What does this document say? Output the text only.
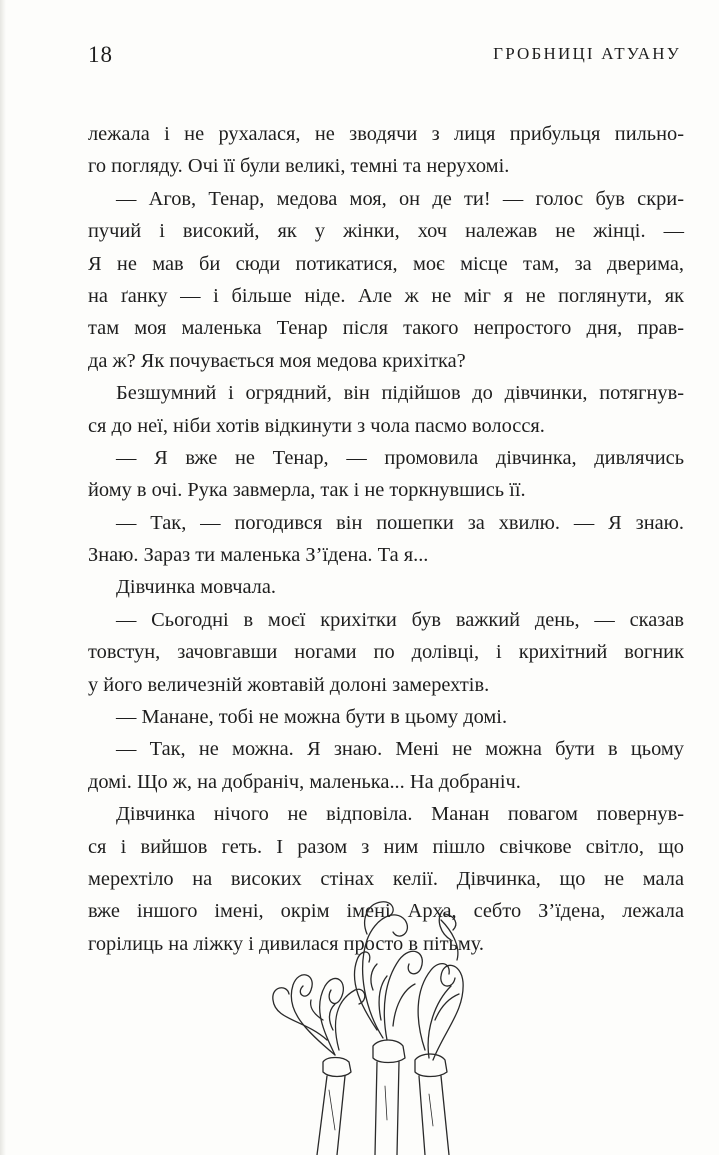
18	ГРОБНИЦІ АТУАНУ
лежала і не рухалася, не зводячи з лиця прибульця пильно-
го погляду. Очі її були великі, темні та нерухомі.
— Агов, Тенар, медова моя, он де ти! — голос був скри-
пучий і високий, як у жінки, хоч належав не жінці. —
Я не мав би сюди потикатися, моє місце там, за дверима,
на ґанку — і більше ніде. Але ж не міг я не поглянути, як
там моя маленька Тенар після такого непростого дня, прав-
да ж? Як почувається моя медова крихітка?
Безшумний і огрядний, він підійшов до дівчинки, потягнув-
ся до неї, ніби хотів відкинути з чола пасмо волосся.
— Я вже не Тенар, — промовила дівчинка, дивлячись
йому в очі. Рука завмерла, так і не торкнувшись її.
— Так, — погодився він пошепки за хвилю. — Я знаю.
Знаю. Зараз ти маленька З’їдена. Та я...
Дівчинка мовчала.
— Сьогодні в моєї крихітки був важкий день, — сказав
товстун, зачовгавши ногами по долівці, і крихітний вогник
у його величезній жовтавій долоні замерехтів.
— Манане, тобі не можна бути в цьому домі.
— Так, не можна. Я знаю. Мені не можна бути в цьому
домі. Що ж, на добраніч, маленька... На добраніч.
Дівчинка нічого не відповіла. Манан повагом повернув-
ся і вийшов геть. І разом з ним пішло свічкове світло, що
мерехтіло на високих стінах келії. Дівчинка, що не мала
вже іншого імені, окрім імені Арха, себто З’їдена, лежала
горілиць на ліжку і дивилася просто в пітьму.
